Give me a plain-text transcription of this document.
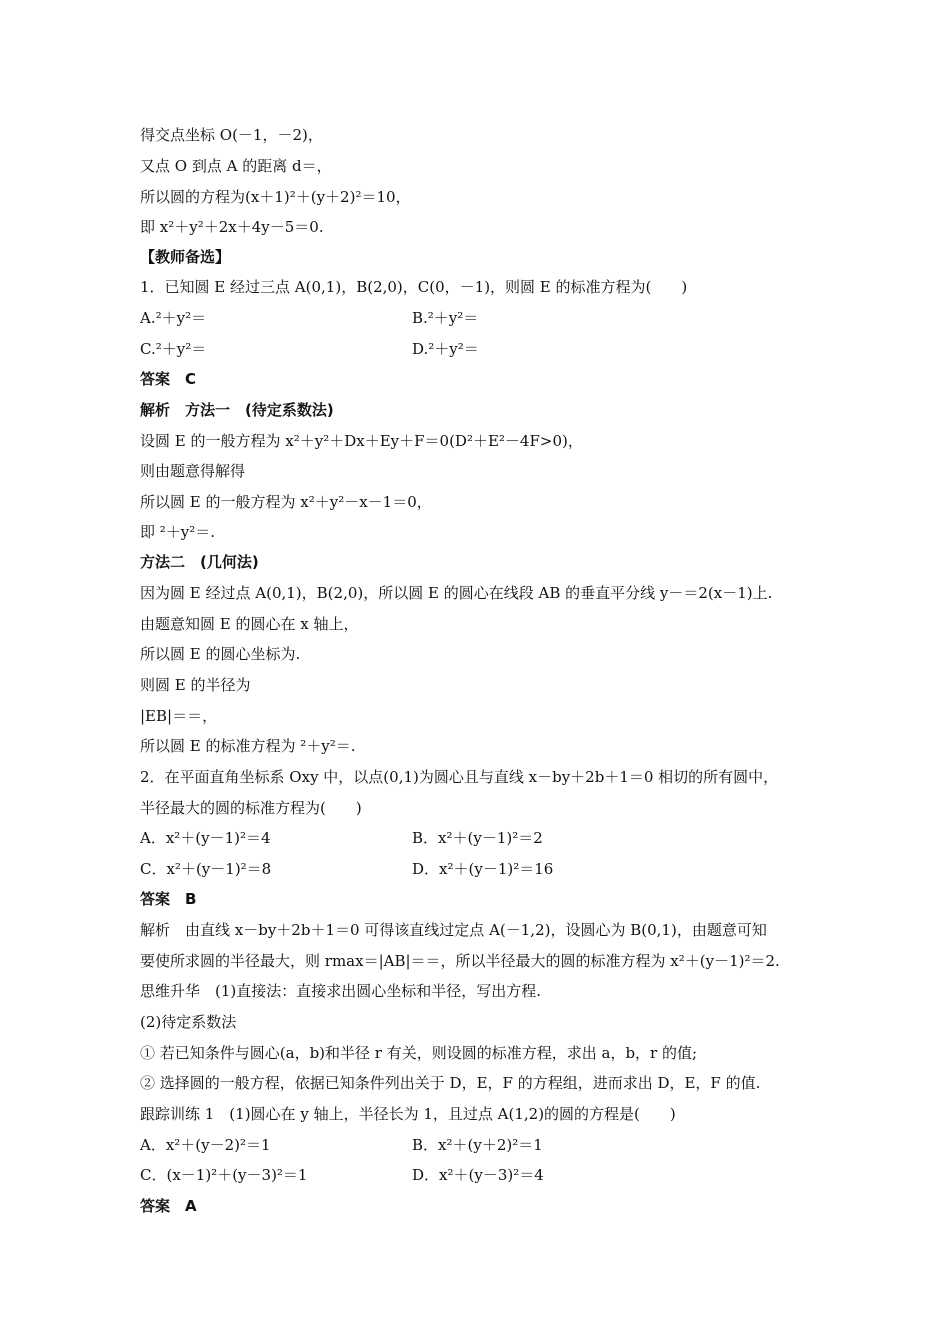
得交点坐标 O(－1，－2)，
又点 O 到点 A 的距离 d＝，
所以圆的方程为(x＋1)²＋(y＋2)²＝10，
即 x²＋y²＋2x＋4y－5＝0.
【教师备选】
1．已知圆 E 经过三点 A(0,1)，B(2,0)，C(0，－1)，则圆 E 的标准方程为(　　)
A.²＋y²＝	B.²＋y²＝
C.²＋y²＝	D.²＋y²＝
答案　C
解析　方法一　(待定系数法)
设圆 E 的一般方程为 x²＋y²＋Dx＋Ey＋F＝0(D²＋E²－4F>0)，
则由题意得解得
所以圆 E 的一般方程为 x²＋y²－x－1＝0，
即 ²＋y²＝.
方法二　(几何法)
因为圆 E 经过点 A(0,1)，B(2,0)，所以圆 E 的圆心在线段 AB 的垂直平分线 y－＝2(x－1)上.
由题意知圆 E 的圆心在 x 轴上，
所以圆 E 的圆心坐标为.
则圆 E 的半径为
|EB|＝＝，
所以圆 E 的标准方程为 ²＋y²＝.
2．在平面直角坐标系 Oxy 中，以点(0,1)为圆心且与直线 x－by＋2b＋1＝0 相切的所有圆中，
半径最大的圆的标准方程为(　　)
A．x²＋(y－1)²＝4	B．x²＋(y－1)²＝2
C．x²＋(y－1)²＝8	D．x²＋(y－1)²＝16
答案　B
解析　由直线 x－by＋2b＋1＝0 可得该直线过定点 A(－1,2)，设圆心为 B(0,1)，由题意可知
要使所求圆的半径最大，则 rmax＝|AB|＝＝，所以半径最大的圆的标准方程为 x²＋(y－1)²＝2.
思维升华　(1)直接法：直接求出圆心坐标和半径，写出方程.
(2)待定系数法
① 若已知条件与圆心(a，b)和半径 r 有关，则设圆的标准方程，求出 a，b，r 的值;
② 选择圆的一般方程，依据已知条件列出关于 D，E，F 的方程组，进而求出 D，E，F 的值.
跟踪训练 1　(1)圆心在 y 轴上，半径长为 1，且过点 A(1,2)的圆的方程是(　　)
A．x²＋(y－2)²＝1	B．x²＋(y＋2)²＝1
C．(x－1)²＋(y－3)²＝1	D．x²＋(y－3)²＝4
答案　A
